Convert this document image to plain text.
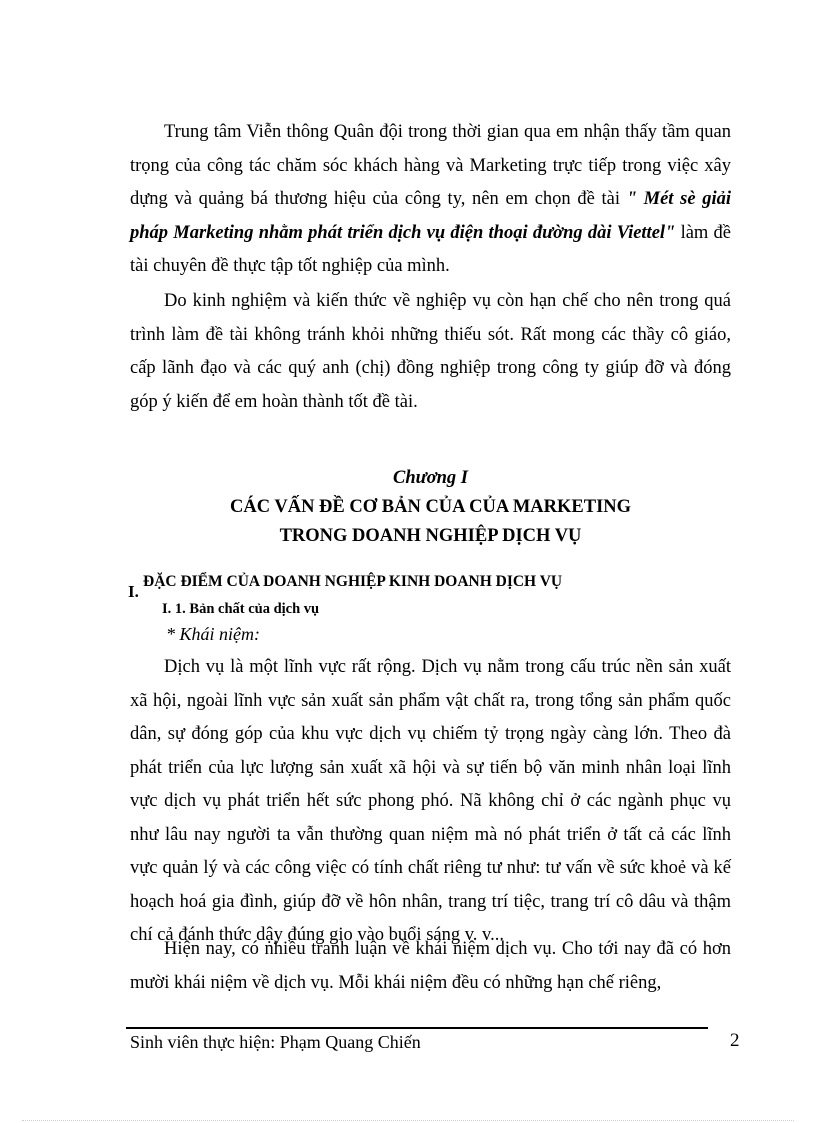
Trung tâm Viễn thông Quân đội trong thời gian qua em nhận thấy tầm quan trọng của công tác chăm sóc khách hàng và Marketing trực tiếp trong việc xây dựng và quảng bá thương hiệu của công ty, nên em chọn đề tài " Mét sè giải pháp Marketing nhằm phát triển dịch vụ điện thoại đường dài Viettel" làm đề tài chuyên đề thực tập tốt nghiệp của mình.

Do kinh nghiệm và kiến thức về nghiệp vụ còn hạn chế cho nên trong quá trình làm đề tài không tránh khỏi những thiếu sót. Rất mong các thầy cô giáo, cấp lãnh đạo và các quý anh (chị) đồng nghiệp trong công ty giúp đỡ và đóng góp ý kiến để em hoàn thành tốt đề tài.

Chương I
CÁC VẤN ĐỀ CƠ BẢN CỦA CỦA MARKETING
TRONG DOANH NGHIỆP DỊCH VỤ
I.
ĐẶC ĐIỂM CỦA DOANH NGHIỆP KINH DOANH DỊCH VỤ
I. 1. Bản chất của dịch vụ
* Khái niệm:

Dịch vụ là một lĩnh vực rất rộng. Dịch vụ nằm trong cấu trúc nền sản xuất xã hội, ngoài lĩnh vực sản xuất sản phẩm vật chất ra, trong tổng sản phẩm quốc dân, sự đóng góp của khu vực dịch vụ chiếm tỷ trọng ngày càng lớn. Theo đà phát triển của lực lượng sản xuất xã hội và sự tiến bộ văn minh nhân loại lĩnh vực dịch vụ phát triển hết sức phong phó. Nã không chỉ ở các ngành phục vụ như lâu nay người ta vẫn thường quan niệm mà nó phát triển ở tất cả các lĩnh vực quản lý và các công việc có tính chất riêng tư như: tư vấn về sức khoẻ và kế hoạch hoá gia đình, giúp đỡ về hôn nhân, trang trí tiệc, trang trí cô dâu và thậm chí cả đánh thức dậy đúng gio vào buổi sáng v. v...

Hiện nay, có nhiều tranh luận về khái niệm dịch vụ. Cho tới nay đã có hơn mười khái niệm về dịch vụ. Mỗi khái niệm đều có những hạn chế riêng,

Sinh viên thực hiện: Phạm Quang Chiến	2
